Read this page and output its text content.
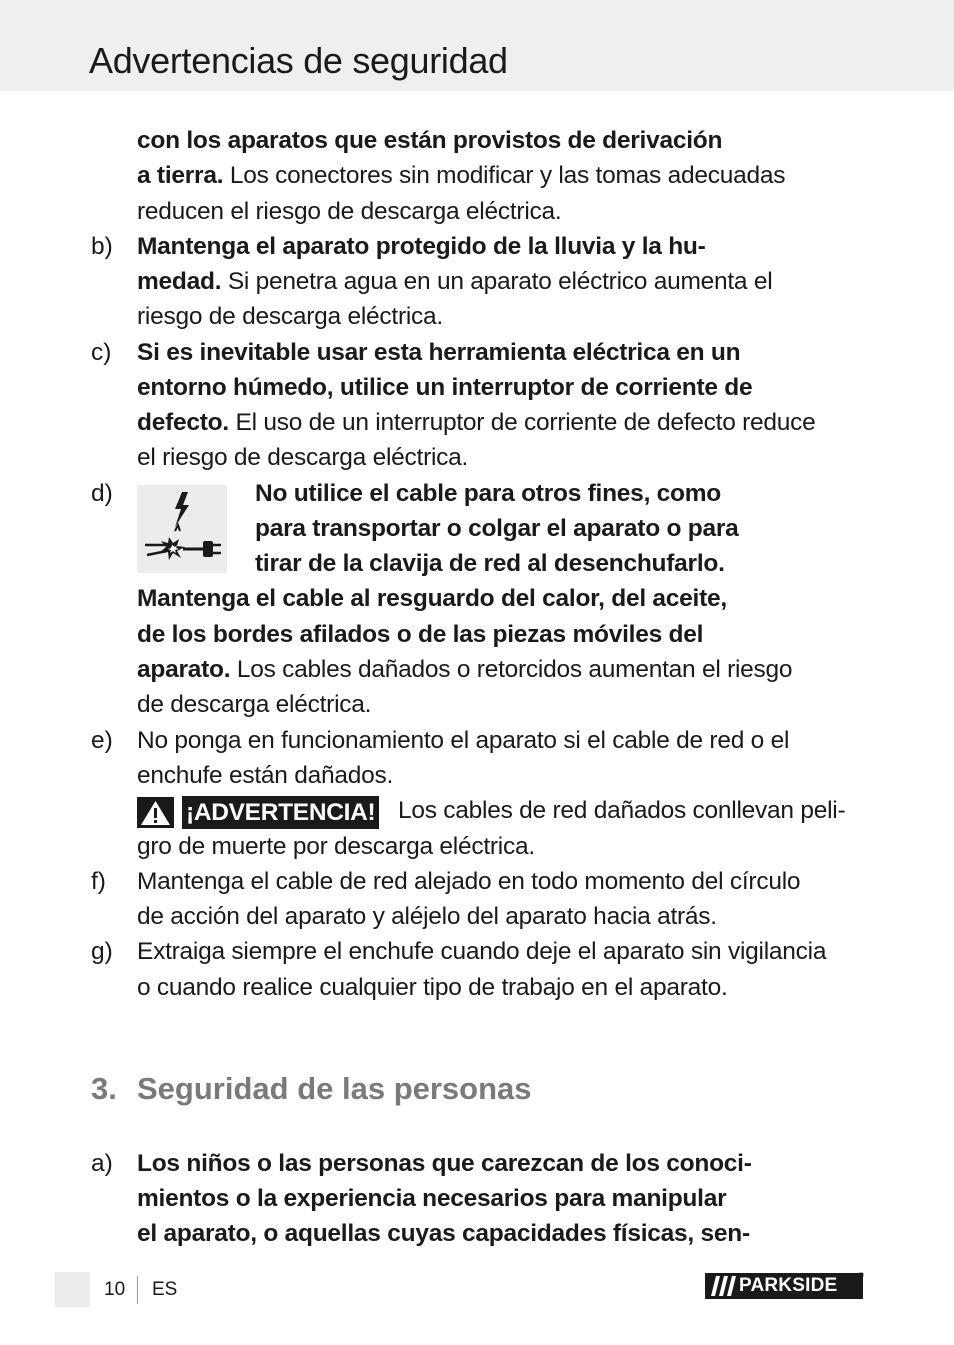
Advertencias de seguridad
con los aparatos que están provistos de derivación
a tierra. Los conectores sin modificar y las tomas adecuadas
reducen el riesgo de descarga eléctrica.
b) Mantenga el aparato protegido de la lluvia y la hu-
medad. Si penetra agua en un aparato eléctrico aumenta el
riesgo de descarga eléctrica.
c) Si es inevitable usar esta herramienta eléctrica en un
entorno húmedo, utilice un interruptor de corriente de
defecto. El uso de un interruptor de corriente de defecto reduce
el riesgo de descarga eléctrica.
d)	No utilice el cable para otros fines, como
para transportar o colgar el aparato o para
tirar de la clavija de red al desenchufarlo.
Mantenga el cable al resguardo del calor, del aceite,
de los bordes afilados o de las piezas móviles del
aparato. Los cables dañados o retorcidos aumentan el riesgo
de descarga eléctrica.
e) No ponga en funcionamiento el aparato si el cable de red o el
enchufe están dañados.
¡ADVERTENCIA! Los cables de red dañados conllevan peli-
gro de muerte por descarga eléctrica.
f) Mantenga el cable de red alejado en todo momento del círculo
de acción del aparato y aléjelo del aparato hacia atrás.
g) Extraiga siempre el enchufe cuando deje el aparato sin vigilancia
o cuando realice cualquier tipo de trabajo en el aparato.
3. Seguridad de las personas
a) Los niños o las personas que carezcan de los conoci-
mientos o la experiencia necesarios para manipular
el aparato, o aquellas cuyas capacidades físicas, sen-
10 ES	PARKSIDE	®
